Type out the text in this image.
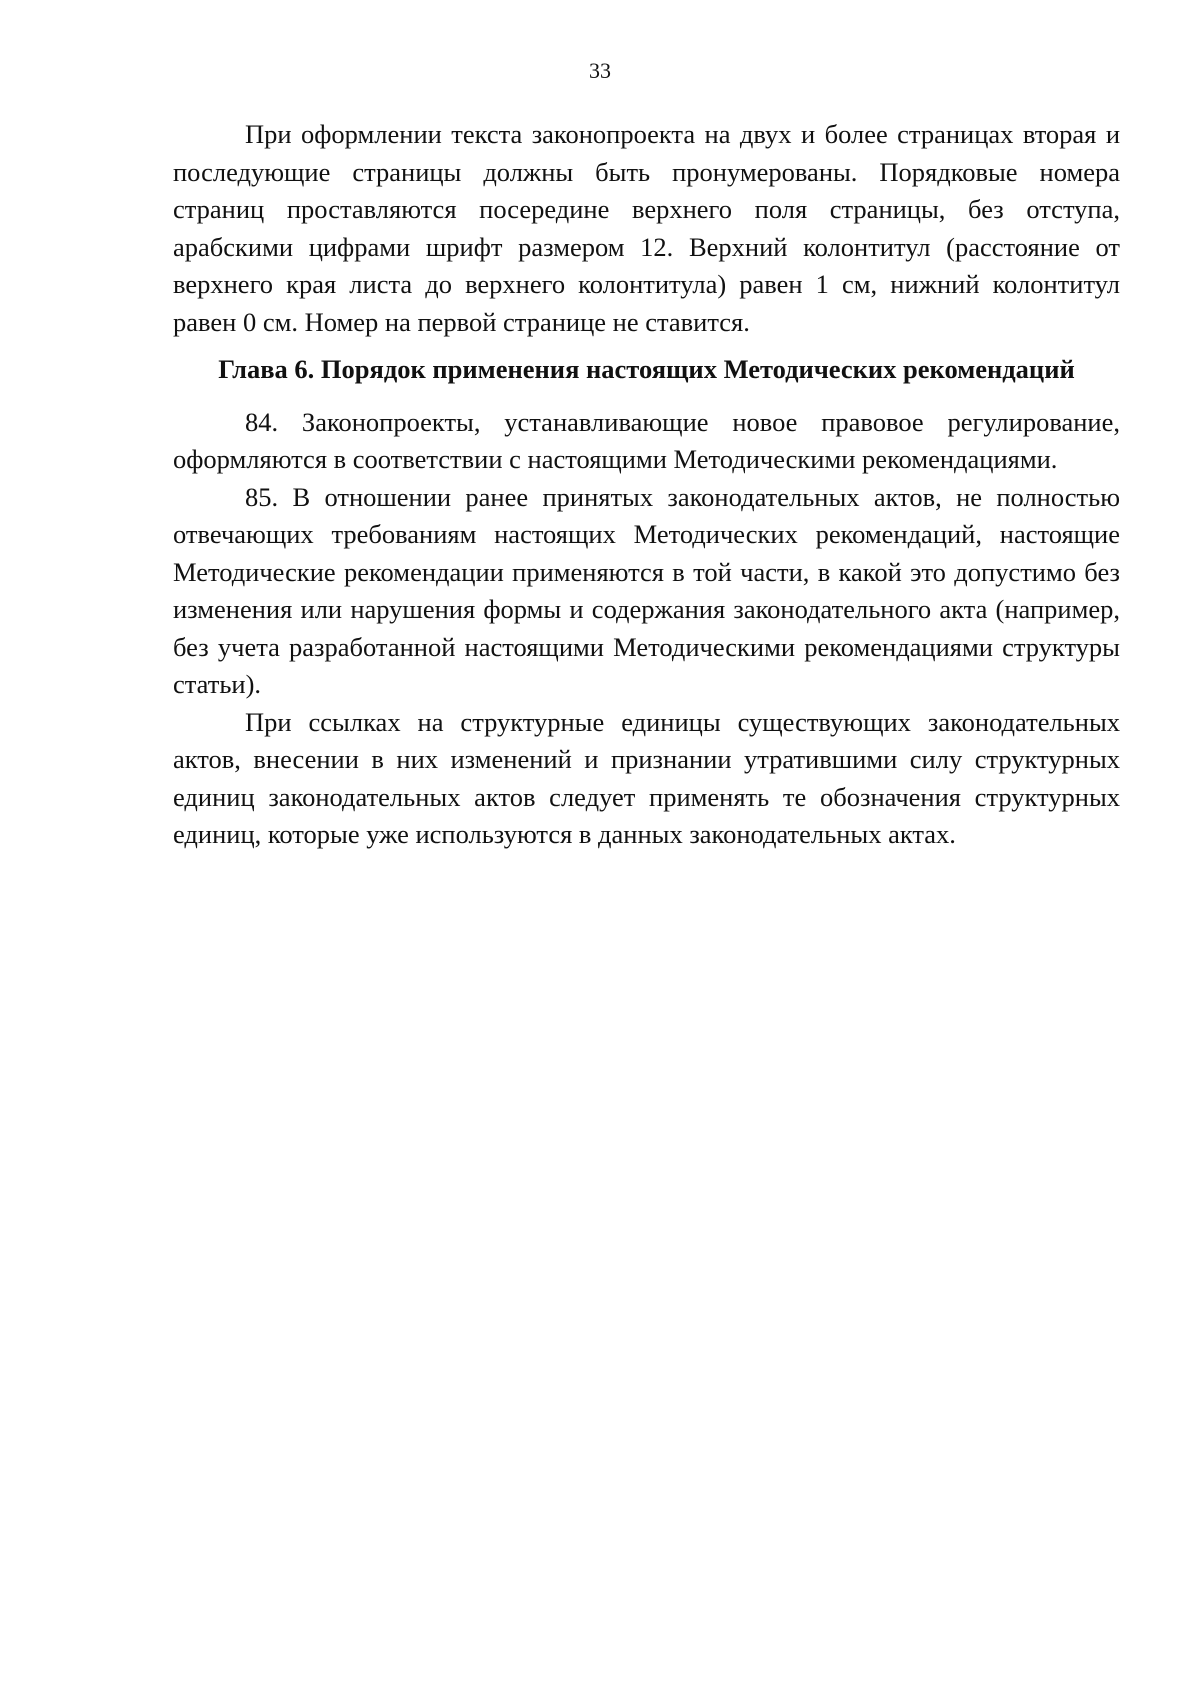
33

При оформлении текста законопроекта на двух и более страницах вторая и последующие страницы должны быть пронумерованы. Порядковые номера страниц проставляются посередине верхнего поля страницы, без отступа, арабскими цифрами шрифт размером 12. Верхний колонтитул (расстояние от верхнего края листа до верхнего колонтитула) равен 1 см, нижний колонтитул равен 0 см. Номер на первой странице не ставится.

Глава 6. Порядок применения настоящих Методических рекомендаций

84. Законопроекты, устанавливающие новое правовое регулирование, оформляются в соответствии с настоящими Методическими рекомендациями.

85. В отношении ранее принятых законодательных актов, не полностью отвечающих требованиям настоящих Методических рекомендаций, настоящие Методические рекомендации применяются в той части, в какой это допустимо без изменения или нарушения формы и содержания законодательного акта (например, без учета разработанной настоящими Методическими рекомендациями структуры статьи).

При ссылках на структурные единицы существующих законодательных актов, внесении в них изменений и признании утратившими силу структурных единиц законодательных актов следует применять те обозначения структурных единиц, которые уже используются в данных законодательных актах.
